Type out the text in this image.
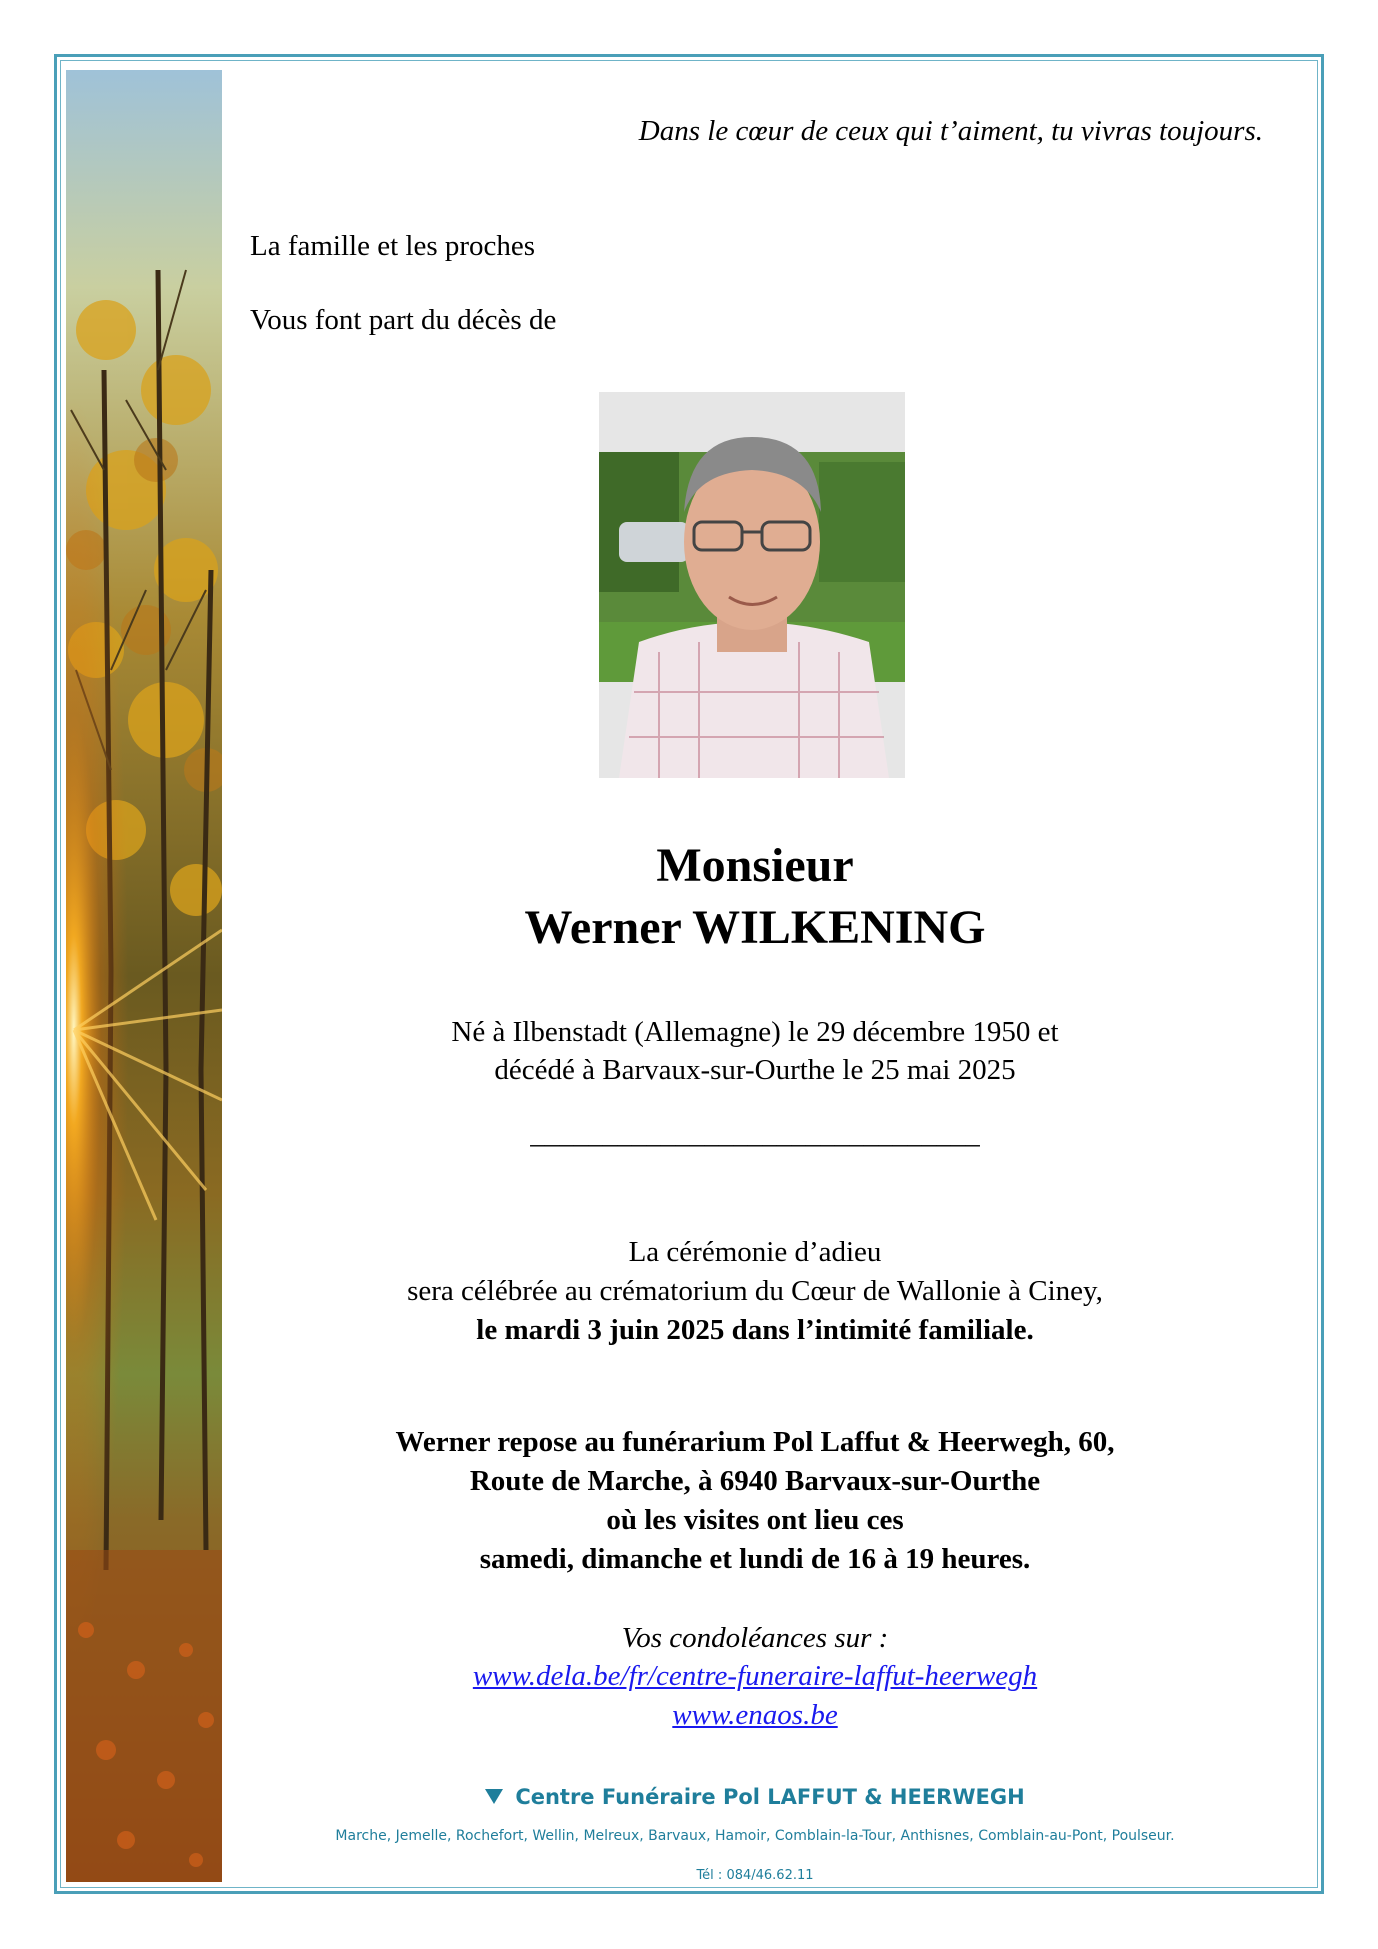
Dans le cœur de ceux qui t’aiment, tu vivras toujours.
La famille et les proches
Vous font part du décès de
Monsieur
Werner WILKENING
Né à Ilbenstadt (Allemagne) le 29 décembre 1950 et
décédé à Barvaux-sur-Ourthe le 25 mai 2025
_______________________________
La cérémonie d’adieu
sera célébrée au crématorium du Cœur de Wallonie à Ciney,
le mardi 3 juin 2025 dans l’intimité familiale.
Werner repose au funérarium Pol Laffut & Heerwegh, 60,
Route de Marche, à 6940 Barvaux-sur-Ourthe
où les visites ont lieu ces
samedi, dimanche et lundi de 16 à 19 heures.
Vos condoléances sur :
www.dela.be/fr/centre-funeraire-laffut-heerwegh
www.enaos.be
Centre Funéraire Pol LAFFUT & HEERWEGH
Marche, Jemelle, Rochefort, Wellin, Melreux, Barvaux, Hamoir, Comblain-la-Tour, Anthisnes, Comblain-au-Pont, Poulseur.
Tél : 084/46.62.11
